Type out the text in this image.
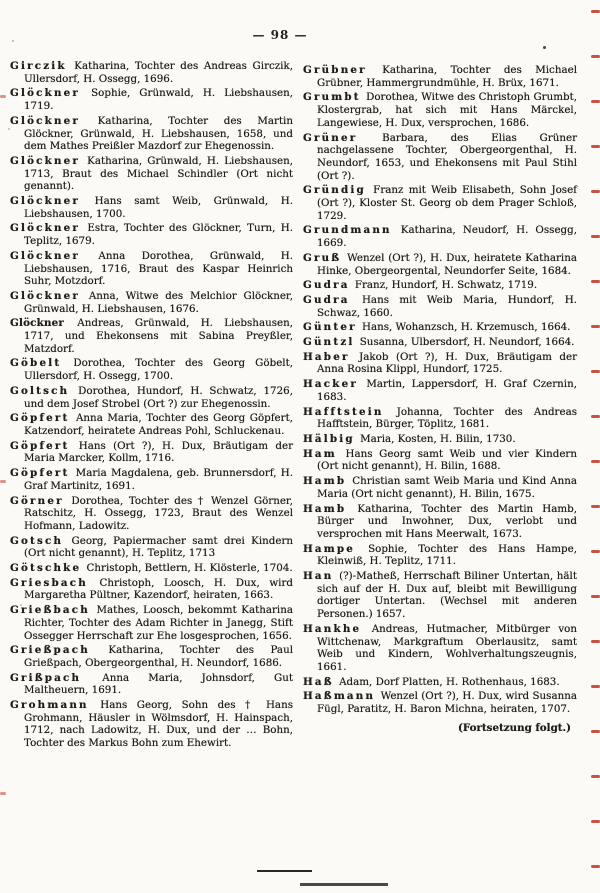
— 98 —

Girczik Katharina, Tochter des Andreas Girczik, Ullersdorf, H. Ossegg, 1696.

Glöckner Sophie, Grünwald, H. Liebshausen, 1719.

Glöckner Katharina, Tochter des Martin Glöckner, Grünwald, H. Liebshausen, 1658, und dem Mathes Preißler Mazdorf zur Ehegenossin.

Glöckner Katharina, Grünwald, H. Liebshausen, 1713, Braut des Michael Schindler (Ort nicht genannt).

Glöckner Hans samt Weib, Grünwald, H. Liebshausen, 1700.

Glöckner Estra, Tochter des Glöckner, Turn, H. Teplitz, 1679.

Glöckner Anna Dorothea, Grünwald, H. Liebshausen, 1716, Braut des Kaspar Heinrich Suhr, Motzdorf.

Glöckner Anna, Witwe des Melchior Glöckner, Grünwald, H. Liebshausen, 1676.

Glöckner Andreas, Grünwald, H. Liebshausen, 1717, und Ehekonsens mit Sabina Preyßler, Matzdorf.

Göbelt Dorothea, Tochter des Georg Göbelt, Ullersdorf, H. Ossegg, 1700.

Goltsch Dorothea, Hundorf, H. Schwatz, 1726, und dem Josef Strobel (Ort ?) zur Ehegenossin.

Göpfert Anna Maria, Tochter des Georg Göpfert, Katzendorf, heiratete Andreas Pohl, Schluckenau.

Göpfert Hans (Ort ?), H. Dux, Bräutigam der Maria Marcker, Kollm, 1716.

Göpfert Maria Magdalena, geb. Brunnersdorf, H. Graf Martinitz, 1691.

Görner Dorothea, Tochter des † Wenzel Görner, Ratschitz, H. Ossegg, 1723, Braut des Wenzel Hofmann, Ladowitz.

Gotsch Georg, Papiermacher samt drei Kindern (Ort nicht genannt), H. Teplitz, 1713

Götschke Christoph, Bettlern, H. Klösterle, 1704.

Griesbach Christoph, Loosch, H. Dux, wird Margaretha Pültner, Kazendorf, heiraten, 1663.

Grießbach Mathes, Loosch, bekommt Katharina Richter, Tochter des Adam Richter in Janegg, Stift Ossegger Herrschaft zur Ehe losgesprochen, 1656.

Grießpach Katharina, Tochter des Paul Grießpach, Obergeorgenthal, H. Neundorf, 1686.

Grißpach Anna Maria, Johnsdorf, Gut Maltheuern, 1691.

Grohmann Hans Georg, Sohn des † Hans Grohmann, Häusler in Wölmsdorf, H. Hainspach, 1712, nach Ladowitz, H. Dux, und der … Bohn, Tochter des Markus Bohn zum Ehewirt.

Grübner Katharina, Tochter des Michael Grübner, Hammergrundmühle, H. Brüx, 1671.

Grumbt Dorothea, Witwe des Christoph Grumbt, Klostergrab, hat sich mit Hans Märckel, Langewiese, H. Dux, versprochen, 1686.

Grüner Barbara, des Elias Grüner nachgelassene Tochter, Obergeorgenthal, H. Neundorf, 1653, und Ehekonsens mit Paul Stihl (Ort ?).

Gründig Franz mit Weib Elisabeth, Sohn Josef (Ort ?), Kloster St. Georg ob dem Prager Schloß, 1729.

Grundmann Katharina, Neudorf, H. Ossegg, 1669.

Gruß Wenzel (Ort ?), H. Dux, heiratete Katharina Hinke, Obergeorgental, Neundorfer Seite, 1684.

Gudra Franz, Hundorf, H. Schwatz, 1719.

Gudra Hans mit Weib Maria, Hundorf, H. Schwaz, 1660.

Günter Hans, Wohanzsch, H. Krzemusch, 1664.

Güntzl Susanna, Ulbersdorf, H. Neundorf, 1664.

Haber Jakob (Ort ?), H. Dux, Bräutigam der Anna Rosina Klippl, Hundorf, 1725.

Hacker Martin, Lappersdorf, H. Graf Czernin, 1683.

Hafftstein Johanna, Tochter des Andreas Hafftstein, Bürger, Töplitz, 1681.

Hälbig Maria, Kosten, H. Bilin, 1730.

Ham Hans Georg samt Weib und vier Kindern (Ort nicht genannt), H. Bilin, 1688.

Hamb Christian samt Weib Maria und Kind Anna Maria (Ort nicht genannt), H. Bilin, 1675.

Hamb Katharina, Tochter des Martin Hamb, Bürger und Inwohner, Dux, verlobt und versprochen mit Hans Meerwalt, 1673.

Hampe Sophie, Tochter des Hans Hampe, Kleinwiß, H. Teplitz, 1711.

Han (?)-Matheß, Herrschaft Biliner Untertan, hält sich auf der H. Dux auf, bleibt mit Bewilligung dortiger Untertan. (Wechsel mit anderen Personen.) 1657.

Hankhe Andreas, Hutmacher, Mitbürger von Wittchenaw, Markgraftum Oberlausitz, samt Weib und Kindern, Wohlverhaltungszeugnis, 1661.

Haß Adam, Dorf Platten, H. Rothenhaus, 1683.

Haßmann Wenzel (Ort ?), H. Dux, wird Susanna Fügl, Paratitz, H. Baron Michna, heiraten, 1707.

(Fortsetzung folgt.)
